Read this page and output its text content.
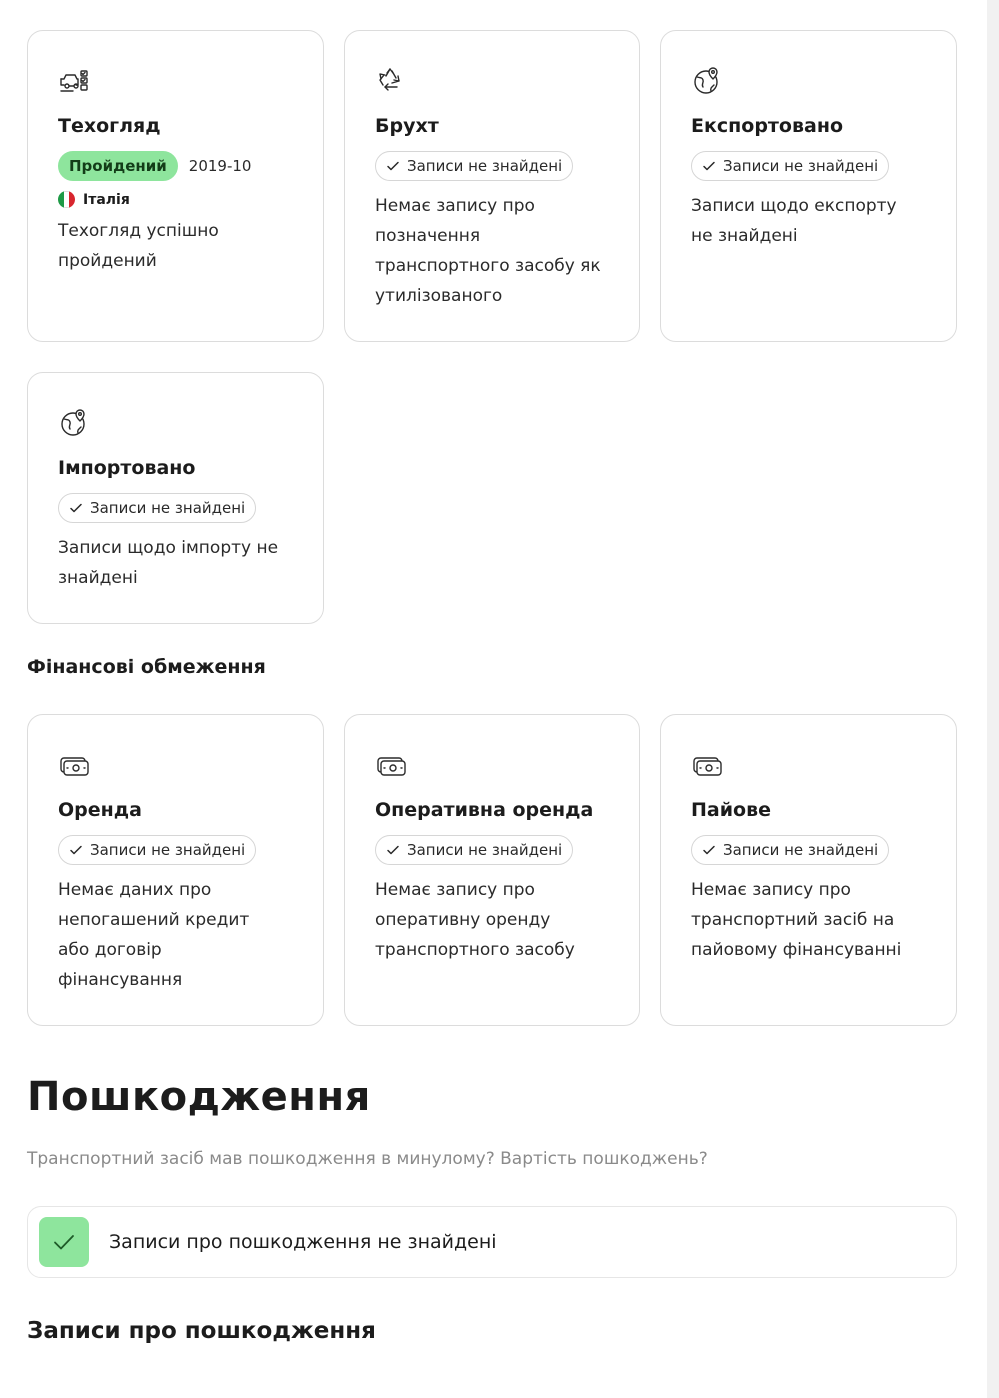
Техогляд
Пройдений	2019-10
Італія
Техогляд успішно
пройдений
Брухт
Записи не знайдені
Немає запису про
позначення
транспортного засобу як
утилізованого
Експортовано
Записи не знайдені
Записи щодо експорту
не знайдені
Імпортовано
Записи не знайдені
Записи щодо імпорту не
знайдені
Фінансові обмеження
Оренда
Записи не знайдені
Немає даних про
непогашений кредит
або договір
фінансування
Оперативна оренда
Записи не знайдені
Немає запису про
оперативну оренду
транспортного засобу
Пайове
Записи не знайдені
Немає запису про
транспортний засіб на
пайовому фінансуванні
Пошкодження

Транспортний засіб мав пошкодження в минулому? Вартість пошкоджень?

Записи про пошкодження не знайдені
Записи про пошкодження
